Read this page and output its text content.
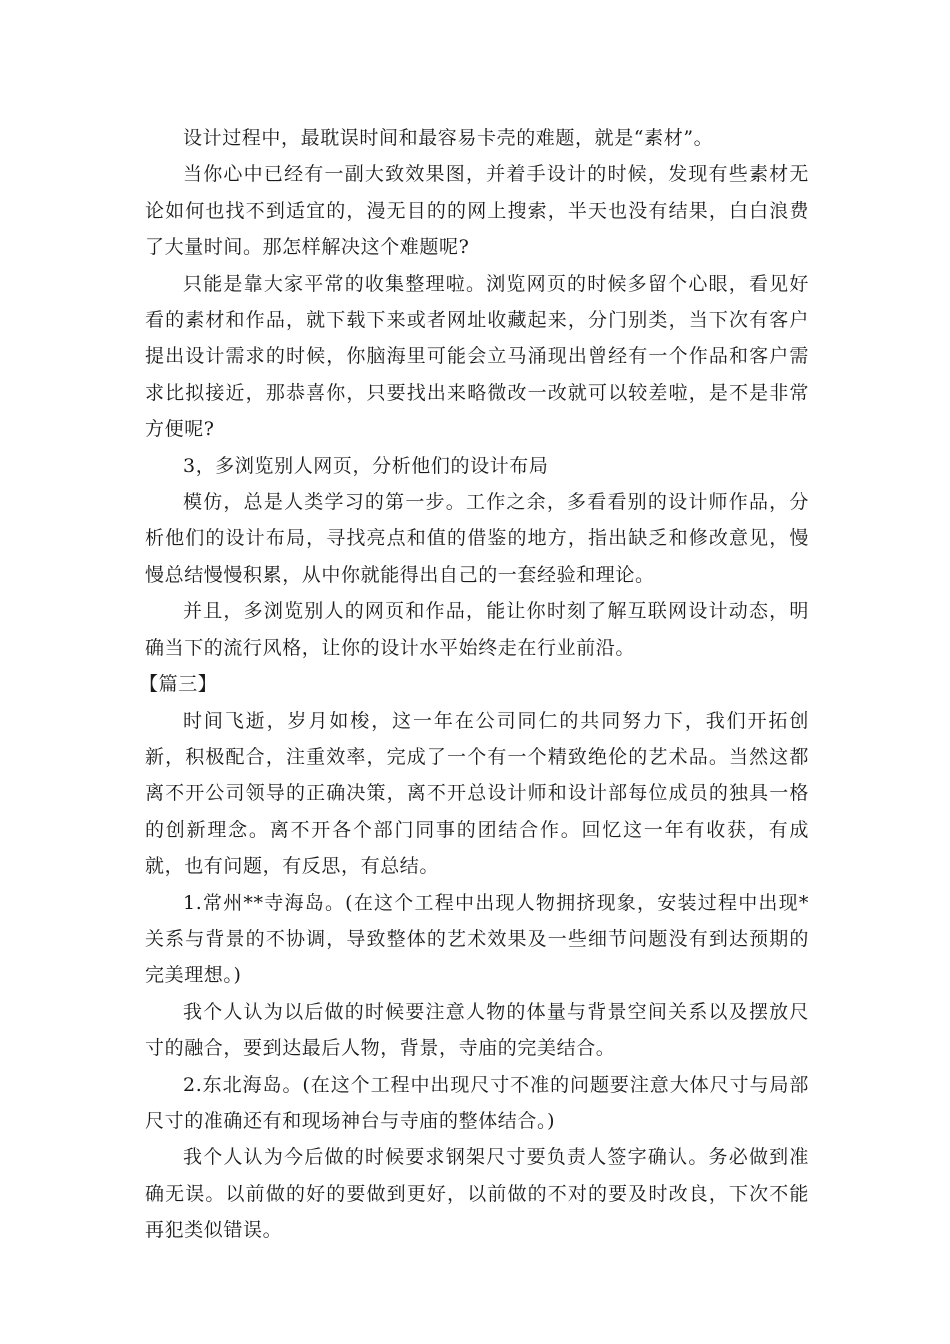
设计过程中，最耽误时间和最容易卡壳的难题，就是“素材”。

当你心中已经有一副大致效果图，并着手设计的时候，发现有些素材无论如何也找不到适宜的，漫无目的的网上搜索，半天也没有结果，白白浪费了大量时间。那怎样解决这个难题呢?

只能是靠大家平常的收集整理啦。浏览网页的时候多留个心眼，看见好看的素材和作品，就下载下来或者网址收藏起来，分门别类，当下次有客户提出设计需求的时候，你脑海里可能会立马涌现出曾经有一个作品和客户需求比拟接近，那恭喜你，只要找出来略微改一改就可以较差啦，是不是非常方便呢?

3，多浏览别人网页，分析他们的设计布局

模仿，总是人类学习的第一步。工作之余，多看看别的设计师作品，分析他们的设计布局，寻找亮点和值的借鉴的地方，指出缺乏和修改意见，慢慢总结慢慢积累，从中你就能得出自己的一套经验和理论。

并且，多浏览别人的网页和作品，能让你时刻了解互联网设计动态，明确当下的流行风格，让你的设计水平始终走在行业前沿。

【篇三】

时间飞逝，岁月如梭，这一年在公司同仁的共同努力下，我们开拓创新，积极配合，注重效率，完成了一个有一个精致绝伦的艺术品。当然这都离不开公司领导的正确决策，离不开总设计师和设计部每位成员的独具一格的创新理念。离不开各个部门同事的团结合作。回忆这一年有收获，有成就，也有问题，有反思，有总结。

1.常州**寺海岛。(在这个工程中出现人物拥挤现象，安装过程中出现*关系与背景的不协调，导致整体的艺术效果及一些细节问题没有到达预期的完美理想。)

我个人认为以后做的时候要注意人物的体量与背景空间关系以及摆放尺寸的融合，要到达最后人物，背景，寺庙的完美结合。

2.东北海岛。(在这个工程中出现尺寸不准的问题要注意大体尺寸与局部尺寸的准确还有和现场神台与寺庙的整体结合。)

我个人认为今后做的时候要求钢架尺寸要负责人签字确认。务必做到准确无误。以前做的好的要做到更好，以前做的不对的要及时改良，下次不能再犯类似错误。
